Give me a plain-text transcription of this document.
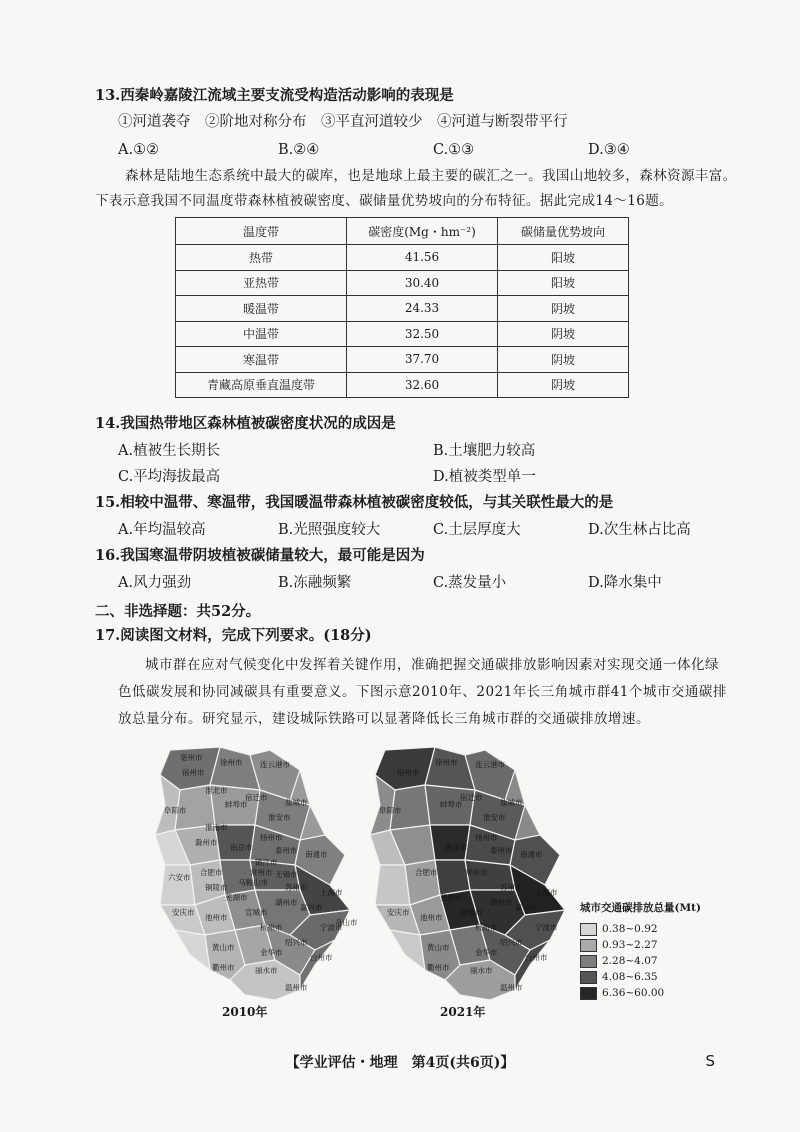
13.西秦岭嘉陵江流域主要支流受构造活动影响的表现是
①河道袭夺　②阶地对称分布　③平直河道较少　④河道与断裂带平行
A.①②	B.②④	C.①③	D.③④
森林是陆地生态系统中最大的碳库，也是地球上最主要的碳汇之一。我国山地较多，森林资源丰富。
下表示意我国不同温度带森林植被碳密度、碳储量优势坡向的分布特征。据此完成14～16题。
温度带	碳密度(Mg・hm⁻²)	碳储量优势坡向
热带	41.56	阳坡
亚热带	30.40	阳坡
暖温带	24.33	阴坡
中温带	32.50	阴坡
寒温带	37.70	阴坡
青藏高原垂直温度带	32.60	阴坡
14.我国热带地区森林植被碳密度状况的成因是
A.植被生长期长	B.土壤肥力较高
C.平均海拔最高	D.植被类型单一
15.相较中温带、寒温带，我国暖温带森林植被碳密度较低，与其关联性最大的是
A.年均温较高	B.光照强度较大	C.土层厚度大	D.次生林占比高
16.我国寒温带阴坡植被碳储量较大，最可能是因为
A.风力强劲	B.冻融频繁	C.蒸发量小	D.降水集中
二、非选择题：共52分。
17.阅读图文材料，完成下列要求。(18分)
城市群在应对气候变化中发挥着关键作用，准确把握交通碳排放影响因素对实现交通一体化绿
色低碳发展和协同减碳具有重要意义。下图示意2010年、2021年长三角城市群41个城市交通碳排
放总量分布。研究显示，建设城际铁路可以显著降低长三角城市群的交通碳排放增速。
宿州市
徐州市 连云港市
淮北市
宿迁市
盐城市
蚌埠市
淮安市
阜阳市
淮南市
滁州市
扬州市
泰州市 南通市
六安市
合肥市
南京市
镇江市
常州市 无锡市
苏州市
上海市
安庆市
铜陵市
芜湖市
马鞍山市
宣城市
湖州市
嘉兴市
杭州市
池州市
黄山市
绍兴市
宁波市
舟山市
衢州市
金华市
台州市
丽水市
温州市
亳州市
2010年
宿州市
徐州市 连云港市
宿迁市
盐城市
蚌埠市
淮安市
阜阳市
扬州市
泰州市 南通市
合肥市
南京市
常州市
上海市
苏州市
安庆市
芜湖市
宣城市
湖州市
嘉兴市
杭州市
池州市
黄山市
绍兴市
宁波市
衢州市
金华市
台州市
丽水市
温州市
2021年
城市交通碳排放总量(Mt)
0.38~0.92
0.93~2.27
2.28~4.07
4.08~6.35
6.36~60.00
【学业评估・地理　第4页(共6页)】	S
